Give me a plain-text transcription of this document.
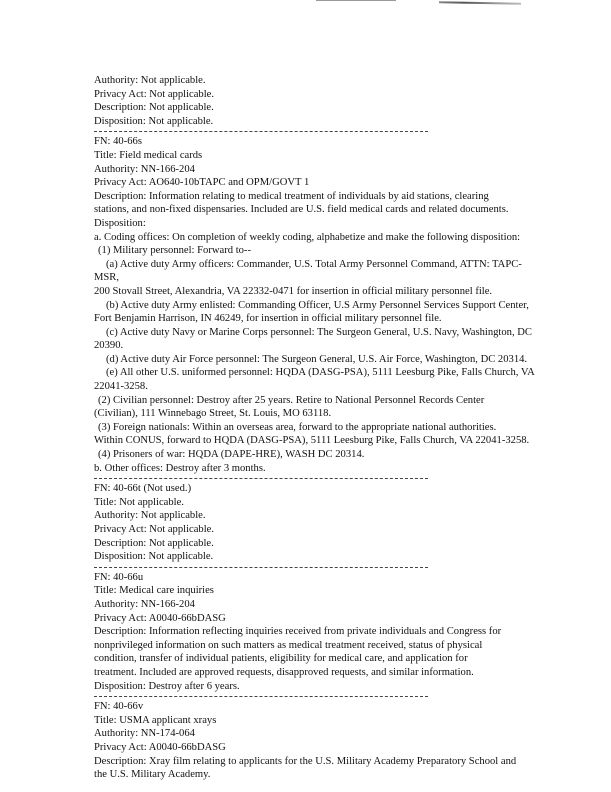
Authority: Not applicable.
Privacy Act: Not applicable.
Description: Not applicable.
Disposition: Not applicable.
FN: 40-66s
Title: Field medical cards
Authority: NN-166-204
Privacy Act: AO640-10bTAPC and OPM/GOVT 1
Description: Information relating to medical treatment of individuals by aid stations, clearing
stations, and non-fixed dispensaries. Included are U.S. field medical cards and related documents.
Disposition:
a. Coding offices: On completion of weekly coding, alphabetize and make the following disposition:
(1) Military personnel: Forward to--
(a) Active duty Army officers: Commander, U.S. Total Army Personnel Command, ATTN: TAPC-
MSR,
200 Stovall Street, Alexandria, VA 22332-0471 for insertion in official military personnel file.
(b) Active duty Army enlisted: Commanding Officer, U.S Army Personnel Services Support Center,
Fort Benjamin Harrison, IN 46249, for insertion in official military personnel file.
(c) Active duty Navy or Marine Corps personnel: The Surgeon General, U.S. Navy, Washington, DC
20390.
(d) Active duty Air Force personnel: The Surgeon General, U.S. Air Force, Washington, DC 20314.
(e) All other U.S. uniformed personnel: HQDA (DASG-PSA), 5111 Leesburg Pike, Falls Church, VA
22041-3258.
(2) Civilian personnel: Destroy after 25 years. Retire to National Personnel Records Center
(Civilian), 111 Winnebago Street, St. Louis, MO 63118.
(3) Foreign nationals: Within an overseas area, forward to the appropriate national authorities.
Within CONUS, forward to HQDA (DASG-PSA), 5111 Leesburg Pike, Falls Church, VA 22041-3258.
(4) Prisoners of war: HQDA (DAPE-HRE), WASH DC 20314.
b. Other offices: Destroy after 3 months.
FN: 40-66t (Not used.)
Title: Not applicable.
Authority: Not applicable.
Privacy Act: Not applicable.
Description: Not applicable.
Disposition: Not applicable.
FN: 40-66u
Title: Medical care inquiries
Authority: NN-166-204
Privacy Act: A0040-66bDASG
Description: Information reflecting inquiries received from private individuals and Congress for
nonprivileged information on such matters as medical treatment received, status of physical
condition, transfer of individual patients, eligibility for medical care, and application for
treatment. Included are approved requests, disapproved requests, and similar information.
Disposition: Destroy after 6 years.
FN: 40-66v
Title: USMA applicant xrays
Authority: NN-174-064
Privacy Act: A0040-66bDASG
Description: Xray film relating to applicants for the U.S. Military Academy Preparatory School and
the U.S. Military Academy.
